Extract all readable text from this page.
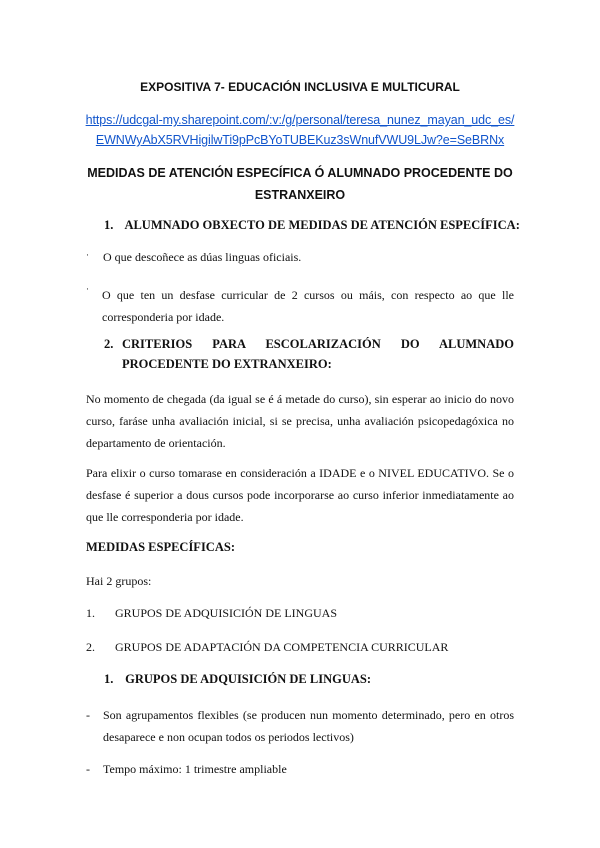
EXPOSITIVA 7- EDUCACIÓN INCLUSIVA E MULTICURAL
https://udcgal-my.sharepoint.com/:v:/g/personal/teresa_nunez_mayan_udc_es/
EWNWyAbX5RVHigilwTi9pPcBYoTUBEKuz3sWnufVWU9LJw?e=SeBRNx
MEDIDAS DE ATENCIÓN ESPECÍFICA Ó ALUMNADO PROCEDENTE DO
ESTRANXEIRO
1. ALUMNADO OBXECTO DE MEDIDAS DE ATENCIÓN ESPECÍFICA:
· O que descoñece as dúas linguas oficiais.
· O que ten un desfase curricular de 2 cursos ou máis, con respecto ao que lle
corresponderia por idade.
2. CRITERIOS PARA ESCOLARIZACIÓN DO ALUMNADO
PROCEDENTE DO EXTRANXEIRO:
No momento de chegada (da igual se é á metade do curso), sin esperar ao inicio do novo
curso, faráse unha avaliación inicial, si se precisa, unha avaliación psicopedagóxica no
departamento de orientación.
Para elixir o curso tomarase en consideración a IDADE e o NIVEL EDUCATIVO. Se o
desfase é superior a dous cursos pode incorporarse ao curso inferior inmediatamente ao
que lle corresponderia por idade.
MEDIDAS ESPECÍFICAS:
Hai 2 grupos:
1. GRUPOS DE ADQUISICIÓN DE LINGUAS
2. GRUPOS DE ADAPTACIÓN DA COMPETENCIA CURRICULAR
1. GRUPOS DE ADQUISICIÓN DE LINGUAS:
- Son agrupamentos flexibles (se producen nun momento determinado, pero en otros
desaparece e non ocupan todos os periodos lectivos)
- Tempo máximo: 1 trimestre ampliable
